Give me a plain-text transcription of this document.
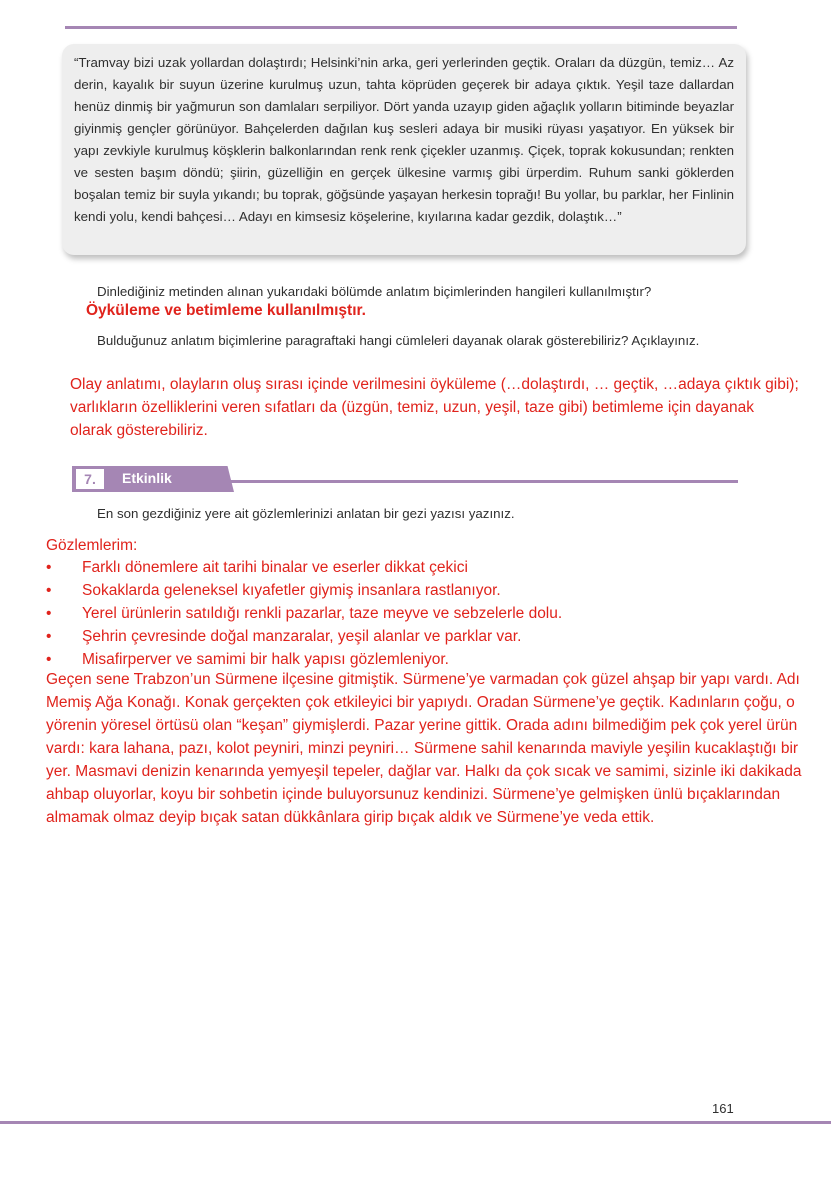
“Tramvay bizi uzak yollardan dolaştırdı; Helsinki’nin arka, geri yerlerinden geçtik. Oraları da düzgün, temiz… Az derin, kayalık bir suyun üzerine kurulmuş uzun, tahta köprüden geçerek bir adaya çıktık. Yeşil taze dallardan henüz dinmiş bir yağmurun son damlaları serpiliyor. Dört yanda uzayıp giden ağaçlık yolların bitiminde beyazlar giyinmiş gençler görünüyor. Bahçelerden dağılan kuş sesleri adaya bir musiki rüyası yaşatıyor. En yüksek bir yapı zevkiyle kurulmuş köşklerin balkonlarından renk renk çiçekler uzanmış. Çiçek, toprak kokusundan; renkten ve sesten başım döndü; şiirin, güzelliğin en gerçek ülkesine varmış gibi ürperdim. Ruhum sanki göklerden boşalan temiz bir suyla yıkandı; bu toprak, göğsünde yaşayan herkesin toprağı! Bu yollar, bu parklar, her Finlinin kendi yolu, kendi bahçesi… Adayı en kimsesiz köşelerine, kıyılarına kadar gezdik, dolaştık…”
Dinlediğiniz metinden alınan yukarıdaki bölümde anlatım biçimlerinden hangileri kullanılmıştır?
Öyküleme ve betimleme kullanılmıştır.
Bulduğunuz anlatım biçimlerine paragraftaki hangi cümleleri dayanak olarak gösterebiliriz? Açıklayınız.
Olay anlatımı, olayların oluş sırası içinde verilmesini öyküleme (…dolaştırdı, … geçtik, …adaya çıktık gibi); varlıkların özelliklerini veren sıfatları da (üzgün, temiz, uzun, yeşil, taze gibi) betimleme için dayanak olarak gösterebiliriz.
7.	Etkinlik
En son gezdiğiniz yere ait gözlemlerinizi anlatan bir gezi yazısı yazınız.
Gözlemlerim:
• Farklı dönemlere ait tarihi binalar ve eserler dikkat çekici
• Sokaklarda geleneksel kıyafetler giymiş insanlara rastlanıyor.
• Yerel ürünlerin satıldığı renkli pazarlar, taze meyve ve sebzelerle dolu.
• Şehrin çevresinde doğal manzaralar, yeşil alanlar ve parklar var.
• Misafirperver ve samimi bir halk yapısı gözlemleniyor.
Geçen sene Trabzon’un Sürmene ilçesine gitmiştik. Sürmene’ye varmadan çok güzel ahşap bir yapı vardı. Adı Memiş Ağa Konağı. Konak gerçekten çok etkileyici bir yapıydı. Oradan Sürmene’ye geçtik. Kadınların çoğu, o yörenin yöresel örtüsü olan “keşan” giymişlerdi. Pazar yerine gittik. Orada adını bilmediğim pek çok yerel ürün vardı: kara lahana, pazı, kolot peyniri, minzi peyniri… Sürmene sahil kenarında maviyle yeşilin kucaklaştığı bir yer. Masmavi denizin kenarında yemyeşil tepeler, dağlar var. Halkı da çok sıcak ve samimi, sizinle iki dakikada ahbap oluyorlar, koyu bir sohbetin içinde buluyorsunuz kendinizi. Sürmene’ye gelmişken ünlü bıçaklarından almamak olmaz deyip bıçak satan dükkânlara girip bıçak aldık ve Sürmene’ye veda ettik.
161
